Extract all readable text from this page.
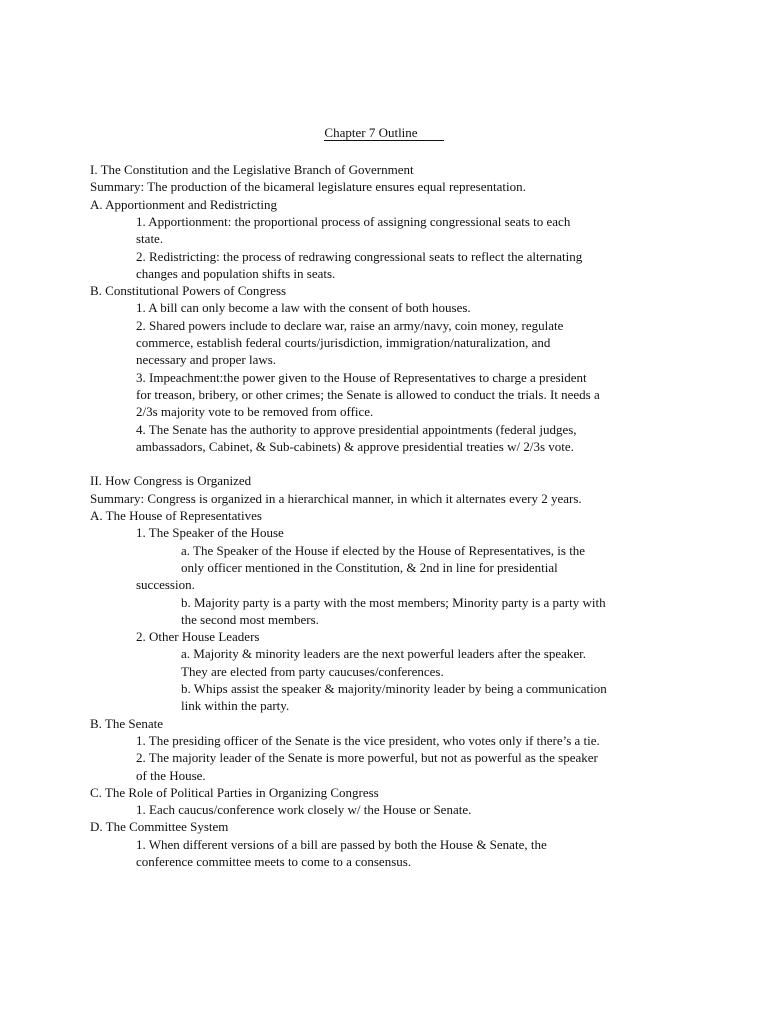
Chapter 7 Outline
I. The Constitution and the Legislative Branch of Government
Summary: The production of the bicameral legislature ensures equal representation.
A. Apportionment and Redistricting
1. Apportionment: the proportional process of assigning congressional seats to each
state.
2. Redistricting: the process of redrawing congressional seats to reflect the alternating
changes and population shifts in seats.
B. Constitutional Powers of Congress
1. A bill can only become a law with the consent of both houses.
2. Shared powers include to declare war, raise an army/navy, coin money, regulate
commerce, establish federal courts/jurisdiction, immigration/naturalization, and
necessary and proper laws.
3. Impeachment:the power given to the House of Representatives to charge a president
for treason, bribery, or other crimes; the Senate is allowed to conduct the trials. It needs a
2/3s majority vote to be removed from office.
4. The Senate has the authority to approve presidential appointments (federal judges,
ambassadors, Cabinet, & Sub-cabinets) & approve presidential treaties w/ 2/3s vote.
II. How Congress is Organized
Summary: Congress is organized in a hierarchical manner, in which it alternates every 2 years.
A. The House of Representatives
1. The Speaker of the House
a. The Speaker of the House if elected by the House of Representatives, is the
only officer mentioned in the Constitution, & 2nd in line for presidential
succession.
b. Majority party is a party with the most members; Minority party is a party with
the second most members.
2. Other House Leaders
a. Majority & minority leaders are the next powerful leaders after the speaker.
They are elected from party caucuses/conferences.
b. Whips assist the speaker & majority/minority leader by being a communication
link within the party.
B. The Senate
1. The presiding officer of the Senate is the vice president, who votes only if there’s a tie.
2. The majority leader of the Senate is more powerful, but not as powerful as the speaker
of the House.
C. The Role of Political Parties in Organizing Congress
1. Each caucus/conference work closely w/ the House or Senate.
D. The Committee System
1. When different versions of a bill are passed by both the House & Senate, the
conference committee meets to come to a consensus.
